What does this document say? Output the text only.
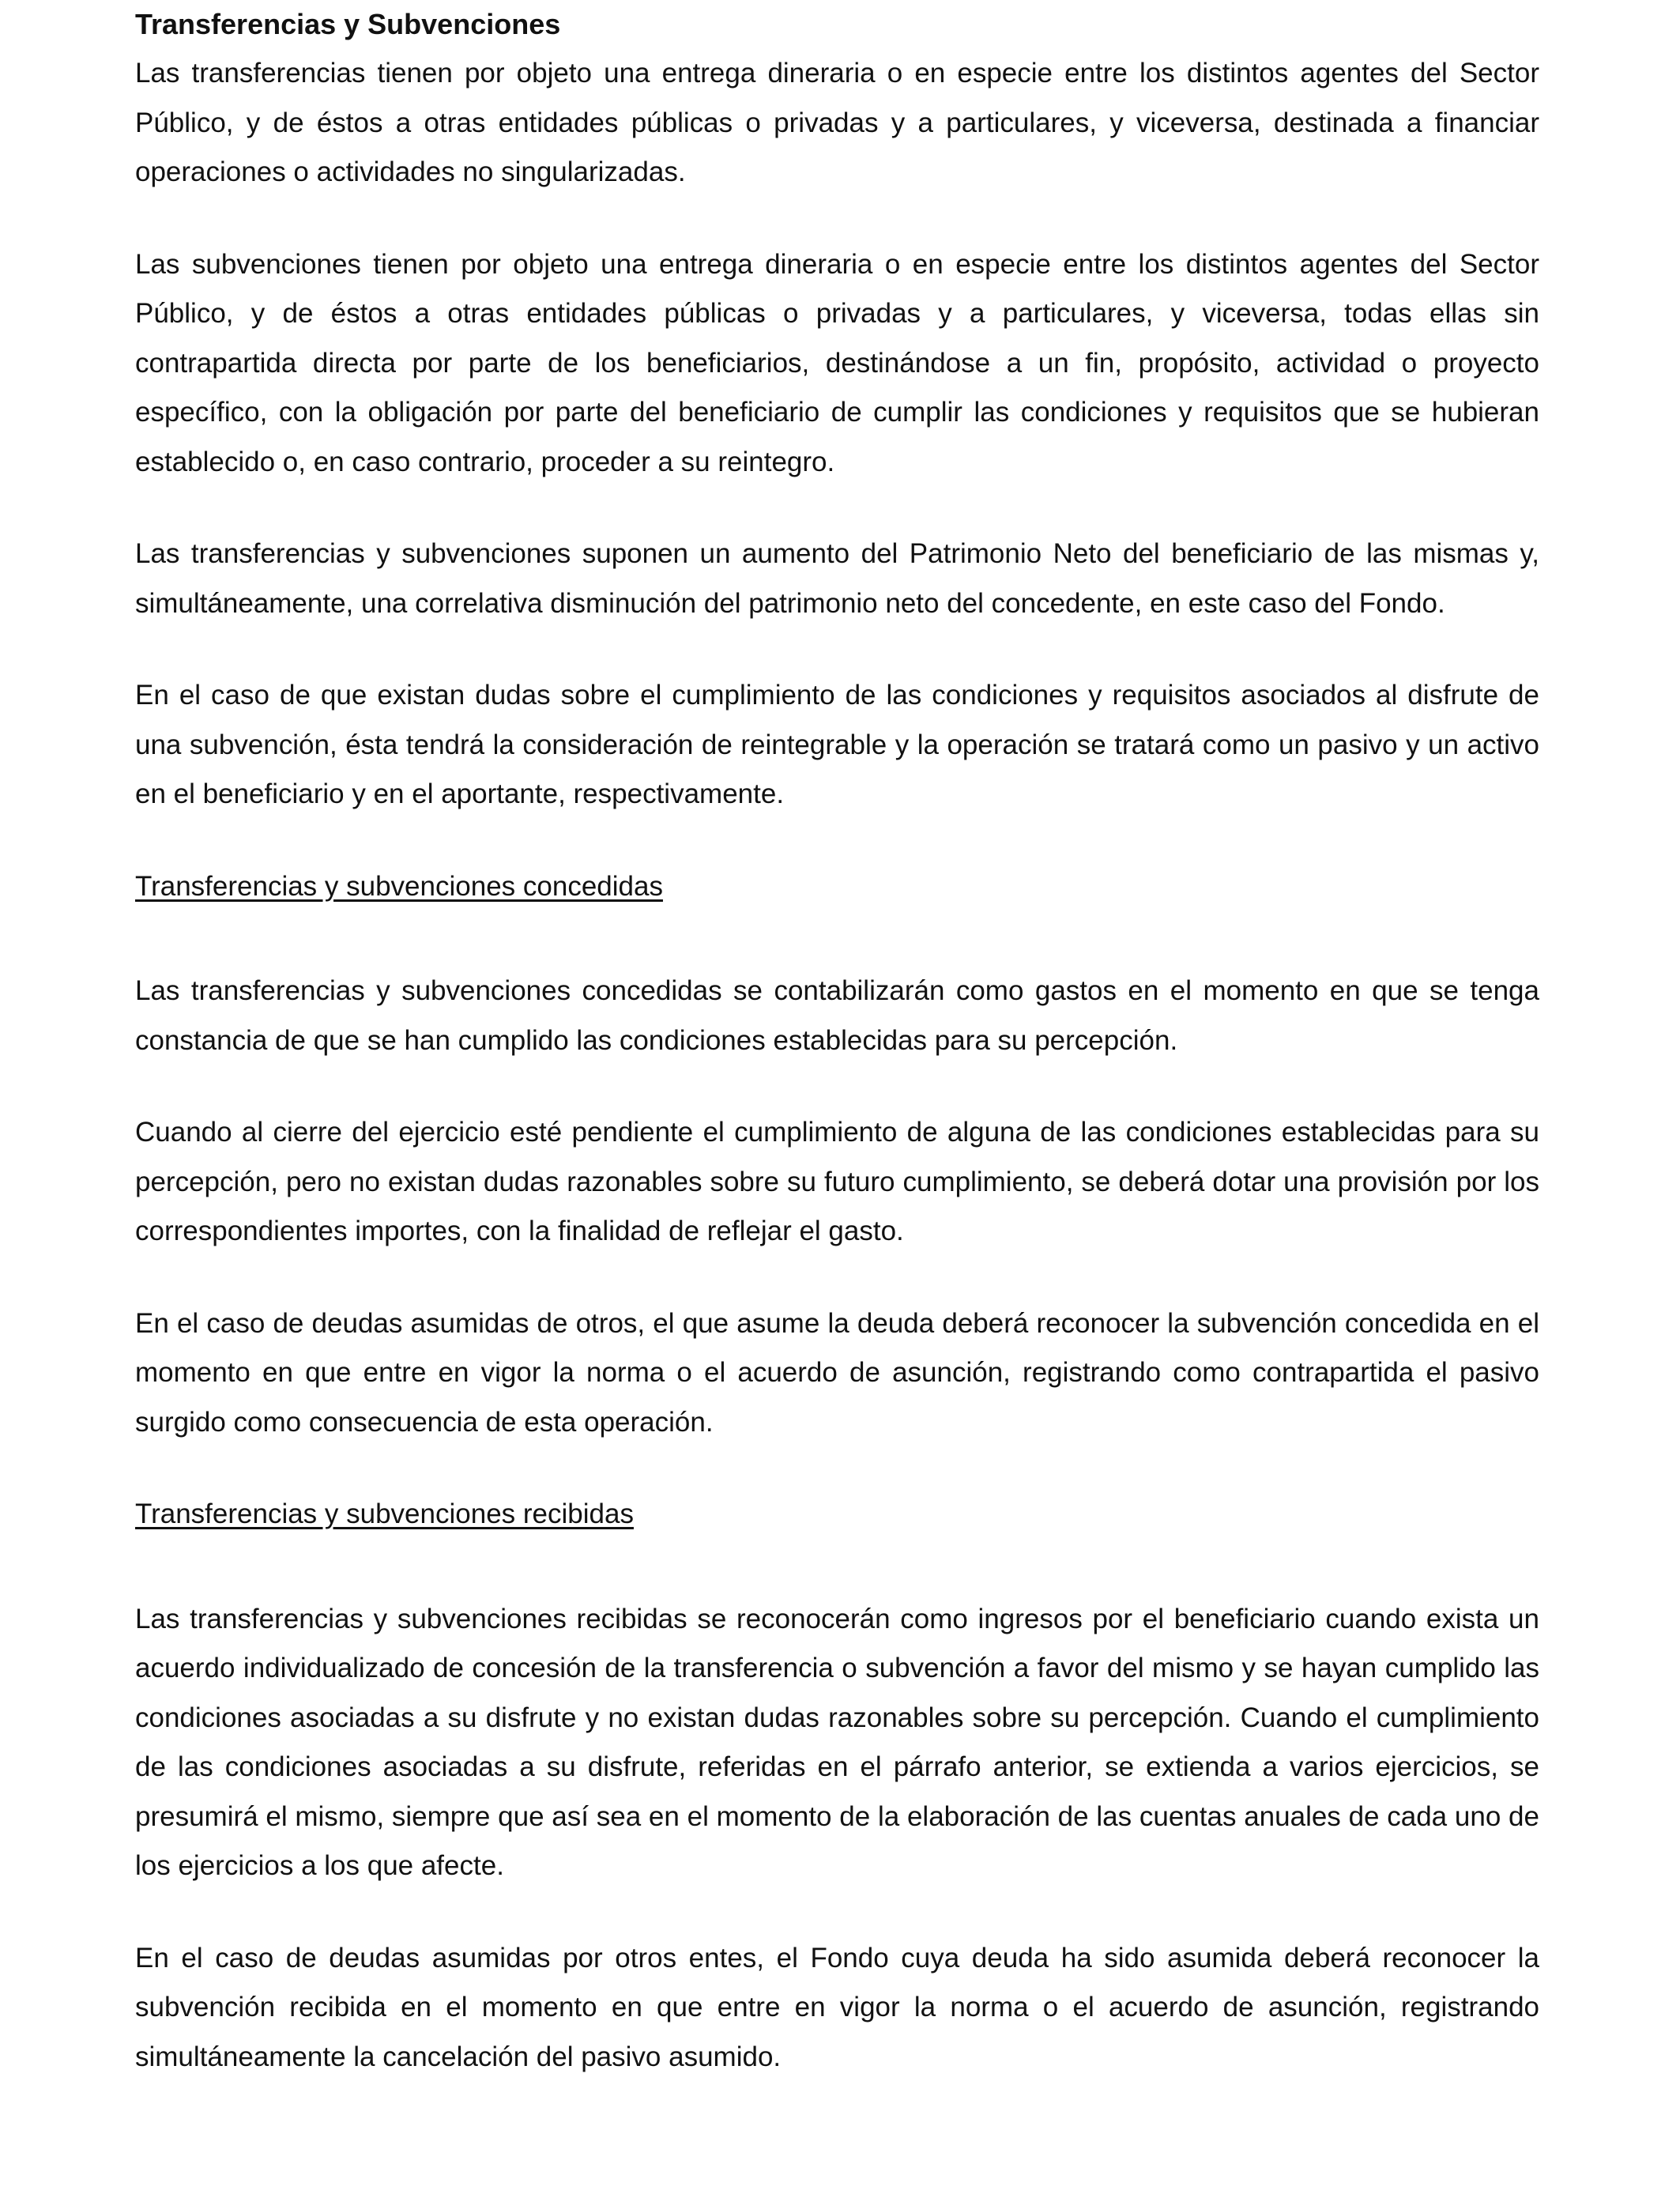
Transferencias y Subvenciones

Las transferencias tienen por objeto una entrega dineraria o en especie entre los distintos agentes del Sector Público, y de éstos a otras entidades públicas o privadas y a particulares, y viceversa, destinada a financiar operaciones o actividades no singularizadas.

Las subvenciones tienen por objeto una entrega dineraria o en especie entre los distintos agentes del Sector Público, y de éstos a otras entidades públicas o privadas y a particulares, y viceversa, todas ellas sin contrapartida directa por parte de los beneficiarios, destinándose a un fin, propósito, actividad o proyecto específico, con la obligación por parte del beneficiario de cumplir las condiciones y requisitos que se hubieran establecido o, en caso contrario, proceder a su reintegro.

Las transferencias y subvenciones suponen un aumento del Patrimonio Neto del beneficiario de las mismas y, simultáneamente, una correlativa disminución del patrimonio neto del concedente, en este caso del Fondo.

En el caso de que existan dudas sobre el cumplimiento de las condiciones y requisitos asociados al disfrute de una subvención, ésta tendrá la consideración de reintegrable y la operación se tratará como un pasivo y un activo en el beneficiario y en el aportante, respectivamente.

Transferencias y subvenciones concedidas

Las transferencias y subvenciones concedidas se contabilizarán como gastos en el momento en que se tenga constancia de que se han cumplido las condiciones establecidas para su percepción.

Cuando al cierre del ejercicio esté pendiente el cumplimiento de alguna de las condiciones establecidas para su percepción, pero no existan dudas razonables sobre su futuro cumplimiento, se deberá dotar una provisión por los correspondientes importes, con la finalidad de reflejar el gasto.

En el caso de deudas asumidas de otros, el que asume la deuda deberá reconocer la subvención concedida en el momento en que entre en vigor la norma o el acuerdo de asunción, registrando como contrapartida el pasivo surgido como consecuencia de esta operación.

Transferencias y subvenciones recibidas

Las transferencias y subvenciones recibidas se reconocerán como ingresos por el beneficiario cuando exista un acuerdo individualizado de concesión de la transferencia o subvención a favor del mismo y se hayan cumplido las condiciones asociadas a su disfrute y no existan dudas razonables sobre su percepción. Cuando el cumplimiento de las condiciones asociadas a su disfrute, referidas en el párrafo anterior, se extienda a varios ejercicios, se presumirá el mismo, siempre que así sea en el momento de la elaboración de las cuentas anuales de cada uno de los ejercicios a los que afecte.

En el caso de deudas asumidas por otros entes, el Fondo cuya deuda ha sido asumida deberá reconocer la subvención recibida en el momento en que entre en vigor la norma o el acuerdo de asunción, registrando simultáneamente la cancelación del pasivo asumido.
